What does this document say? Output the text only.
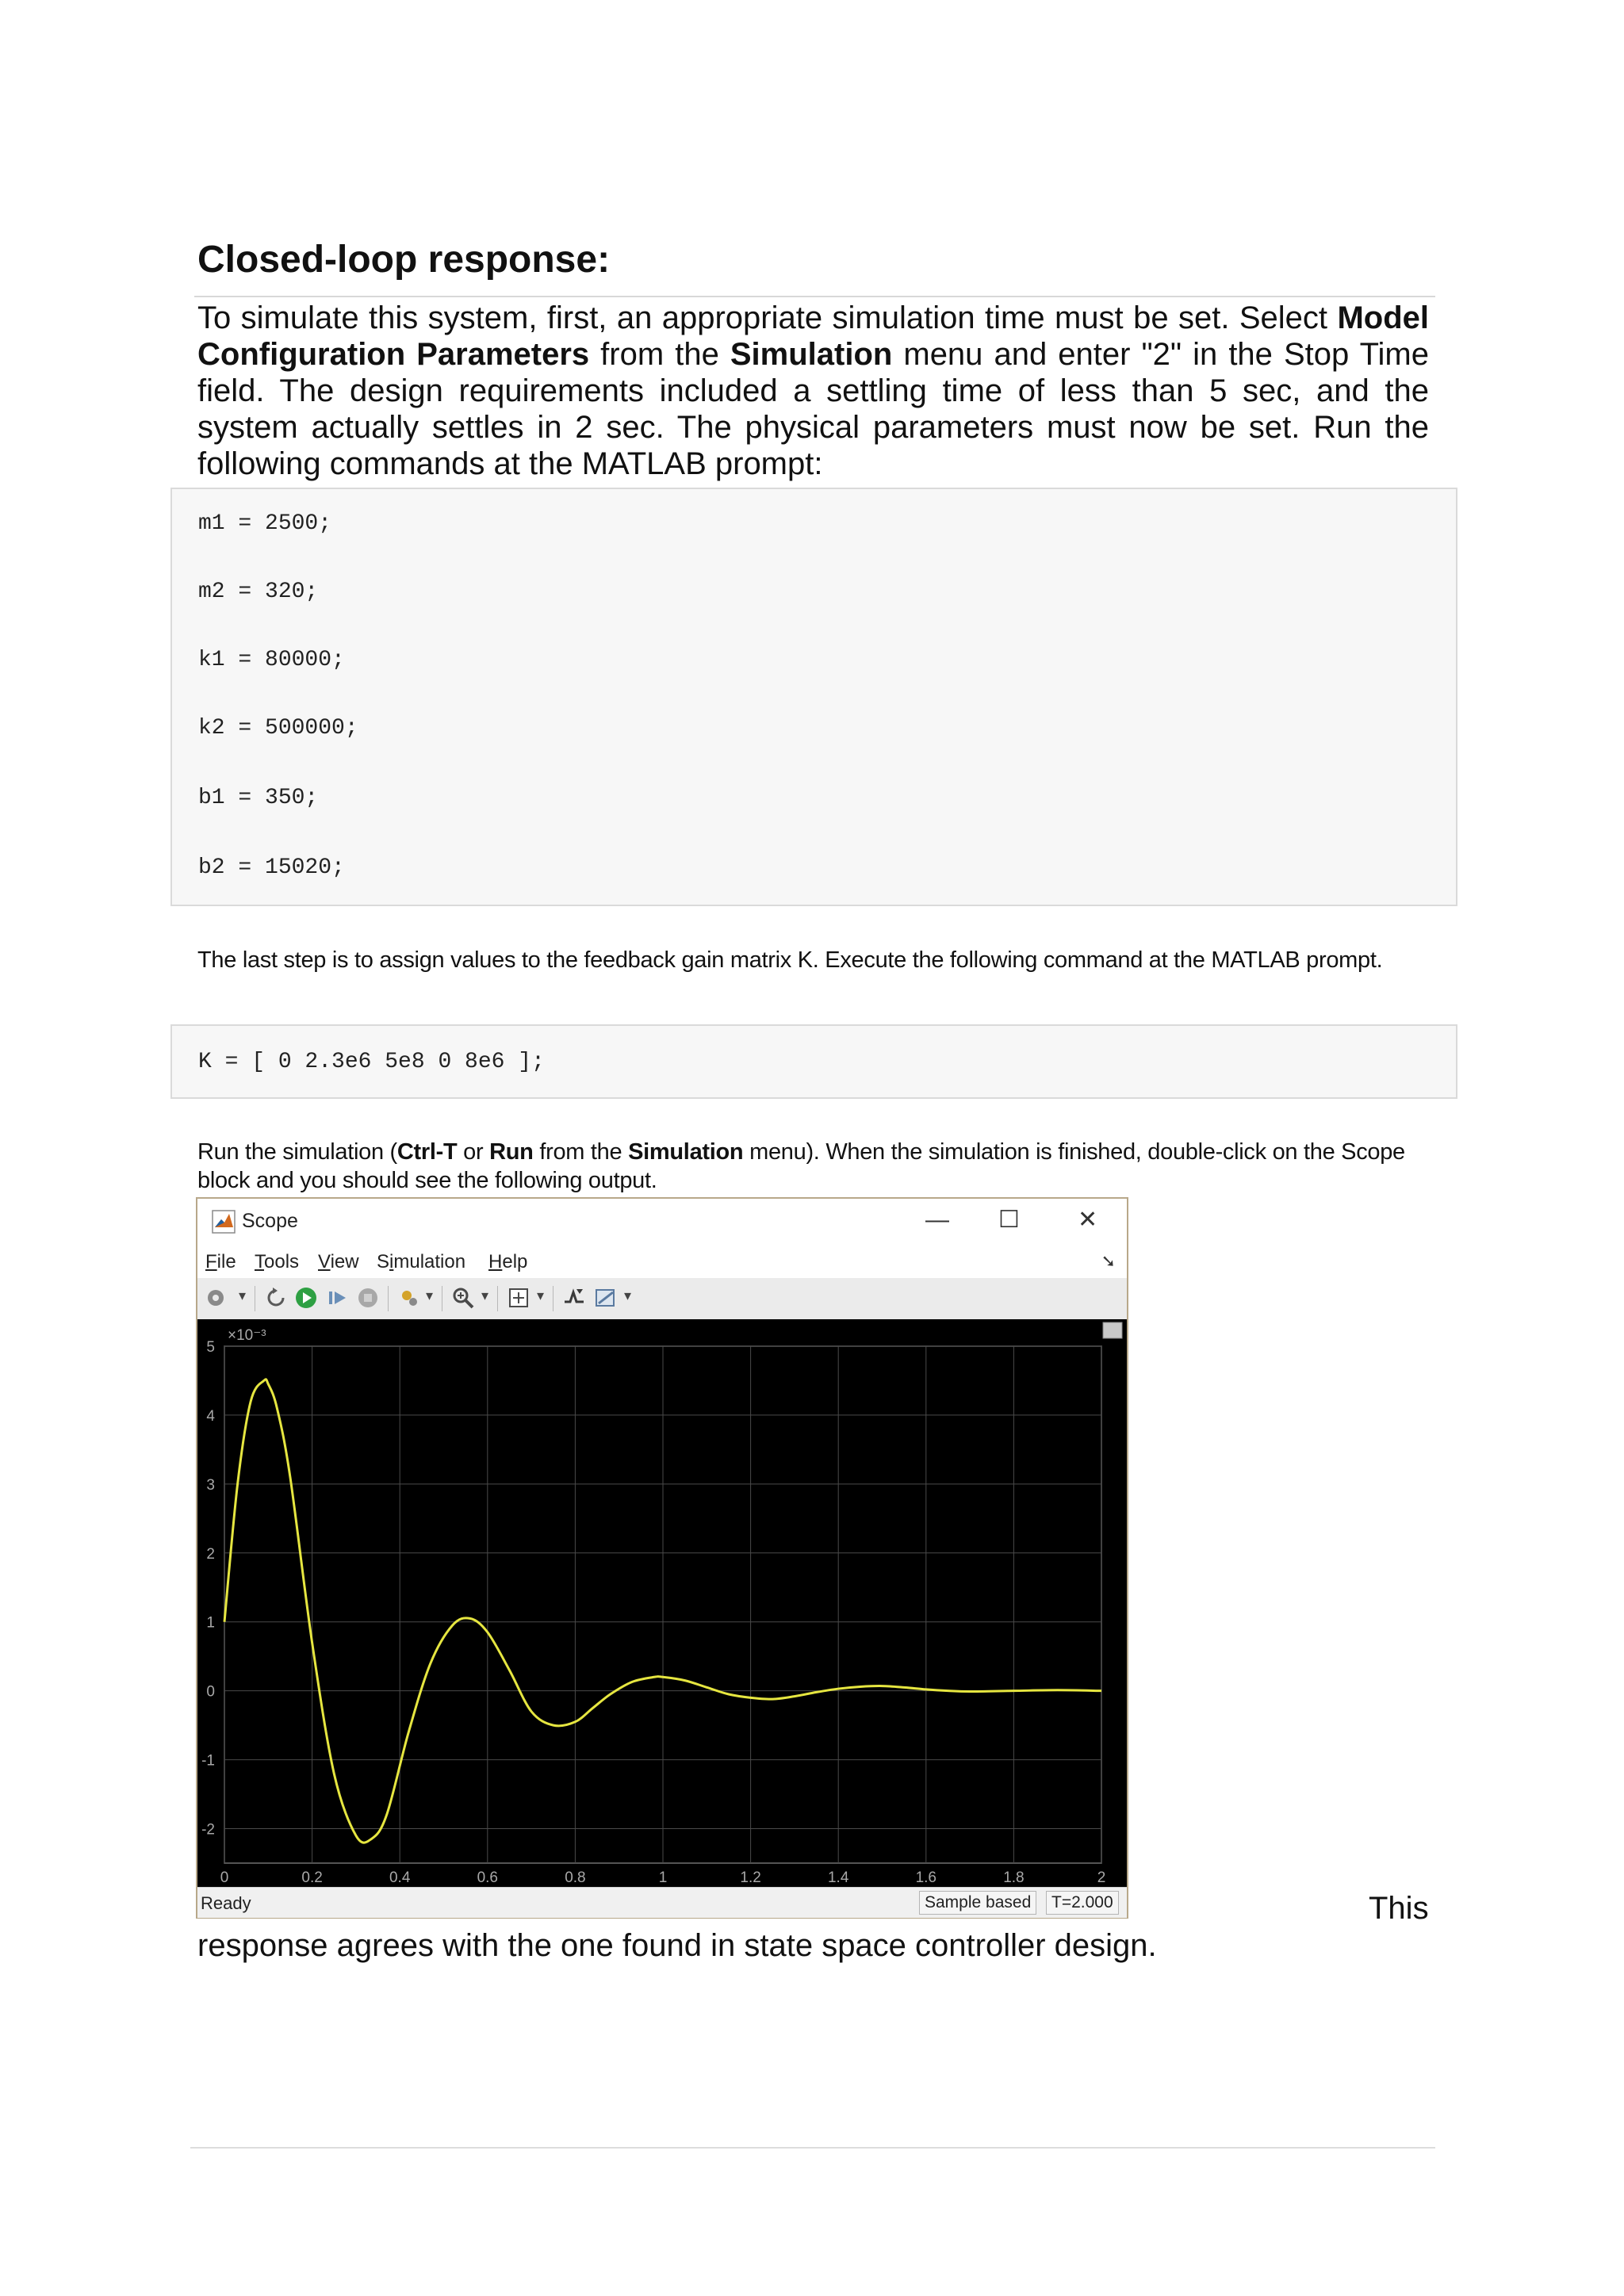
Closed-loop response:

To simulate this system, first, an appropriate simulation time must be set. Select Model Configuration Parameters from the Simulation menu and enter "2" in the Stop Time field. The design requirements included a settling time of less than 5 sec, and the system actually settles in 2 sec. The physical parameters must now be set. Run the following commands at the MATLAB prompt:

m1 = 2500;
m2 = 320;
k1 = 80000;
k2 = 500000;
b1 = 350;
b2 = 15020;

The last step is to assign values to the feedback gain matrix K. Execute the following command at the MATLAB prompt.

K = [ 0 2.3e6 5e8 0 8e6 ];

Run the simulation (Ctrl-T or Run from the Simulation menu). When the simulation is finished, double-click on the Scope block and you should see the following output.

Scope	— ☐ ✕
File Tools View Simulation Help	➘
▾	▾	▾	▾	▾
0	0.2	0.4	0.6	0.8	1	1.2	1.4	1.6	1.8	2
5
4
3
2
1
0
-1
-2
×10⁻³
Ready	Sample based	T=2.000	This

response agrees with the one found in state space controller design.
